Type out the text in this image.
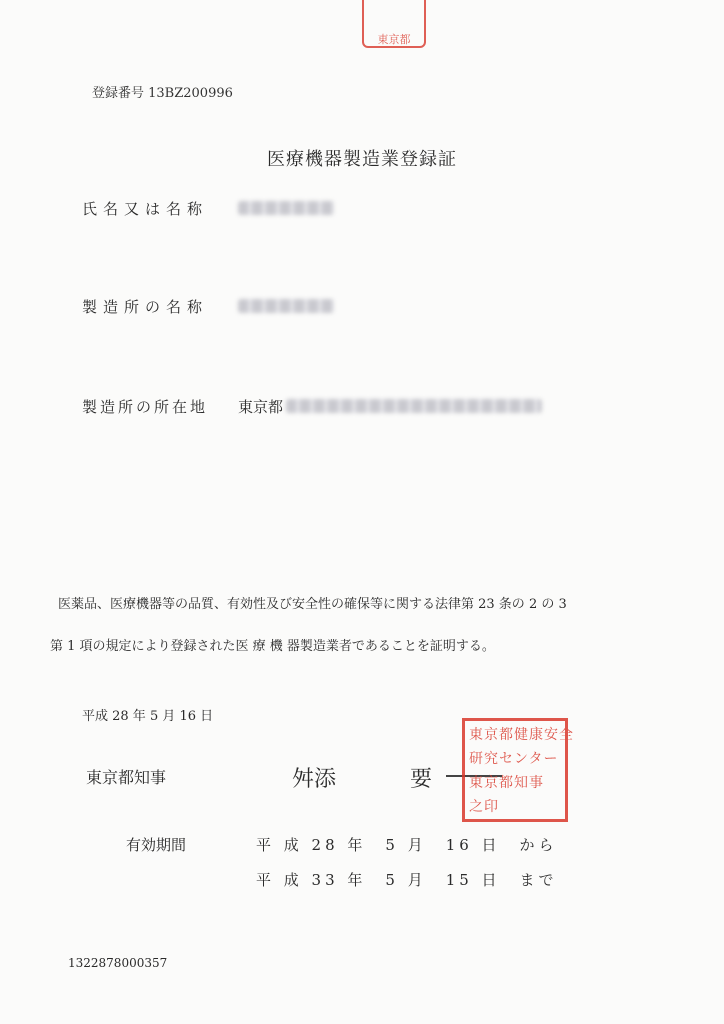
東京都
登録番号 13BZ200996
医療機器製造業登録証
氏名又は名称
製造所の名称
製造所の所在地 東京都
医薬品、医療機器等の品質、有効性及び安全性の確保等に関する法律第 23 条の 2 の 3
第 1 項の規定により登録された医 療 機 器製造業者であることを証明する。
平成 28 年 5 月 16 日
東京都知事	舛添	要
東京都健康安全
研究センター
東京都知事
之印
有効期間	平 成 28 年　5 月　16 日　から
平 成 33 年　5 月　15 日　まで
1322878000357
